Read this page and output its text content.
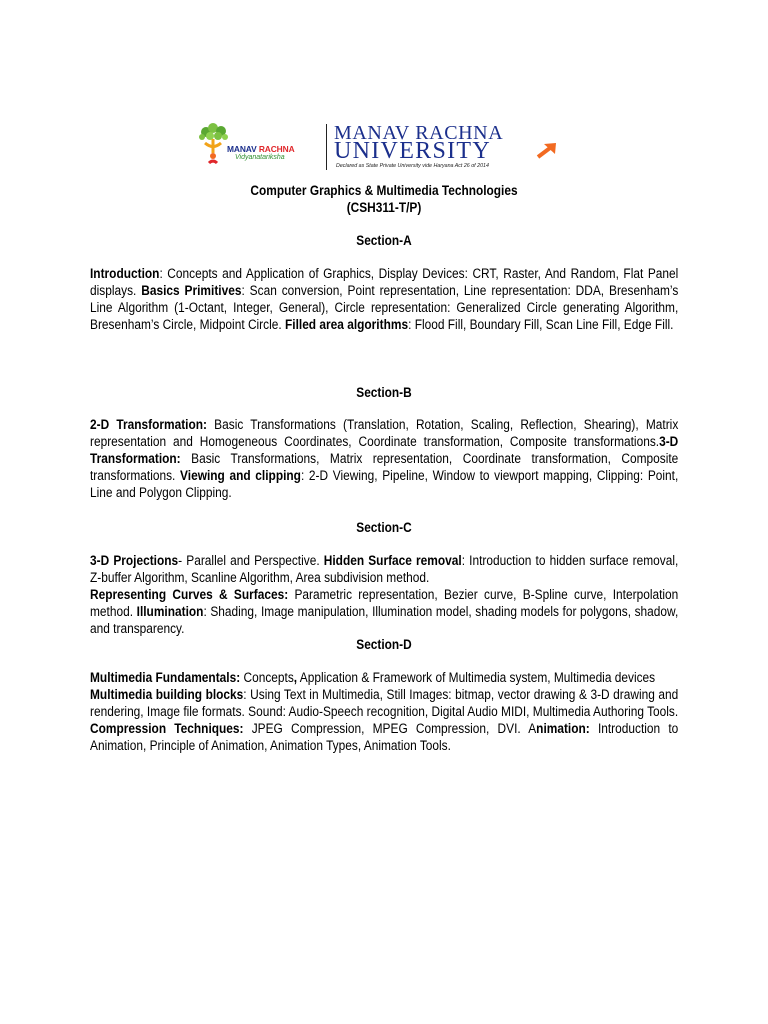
MANAV RACHNA
Vidyanatariksha
MANAV RACHNA
UNIVERSITY
Declared as State Private University vide Haryana Act 26 of 2014
Computer Graphics & Multimedia Technologies
(CSH311-T/P)
Section-A
Introduction: Concepts and Application of Graphics, Display Devices: CRT, Raster, And Random, Flat Panel displays. Basics Primitives: Scan conversion, Point representation, Line representation: DDA, Bresenham’s Line Algorithm (1-Octant, Integer, General), Circle representation: Generalized Circle generating Algorithm, Bresenham’s Circle, Midpoint Circle. Filled area algorithms: Flood Fill, Boundary Fill, Scan Line Fill, Edge Fill.
Section-B
2-D Transformation: Basic Transformations (Translation, Rotation, Scaling, Reflection, Shearing), Matrix representation and Homogeneous Coordinates, Coordinate transformation, Composite transformations.3-D Transformation: Basic Transformations, Matrix representation, Coordinate transformation, Composite transformations. Viewing and clipping: 2-D Viewing, Pipeline, Window to viewport mapping, Clipping: Point, Line and Polygon Clipping.
Section-C
3-D Projections- Parallel and Perspective. Hidden Surface removal: Introduction to hidden surface removal, Z-buffer Algorithm, Scanline Algorithm, Area subdivision method.
Representing Curves & Surfaces: Parametric representation, Bezier curve, B-Spline curve, Interpolation method. Illumination: Shading, Image manipulation, Illumination model, shading models for polygons, shadow, and transparency.
Section-D
Multimedia Fundamentals: Concepts, Application & Framework of Multimedia system, Multimedia devices
Multimedia building blocks: Using Text in Multimedia, Still Images: bitmap, vector drawing & 3-D drawing and rendering, Image file formats. Sound: Audio-Speech recognition, Digital Audio MIDI, Multimedia Authoring Tools.
Compression Techniques: JPEG Compression, MPEG Compression, DVI. Animation: Introduction to Animation, Principle of Animation, Animation Types, Animation Tools.
